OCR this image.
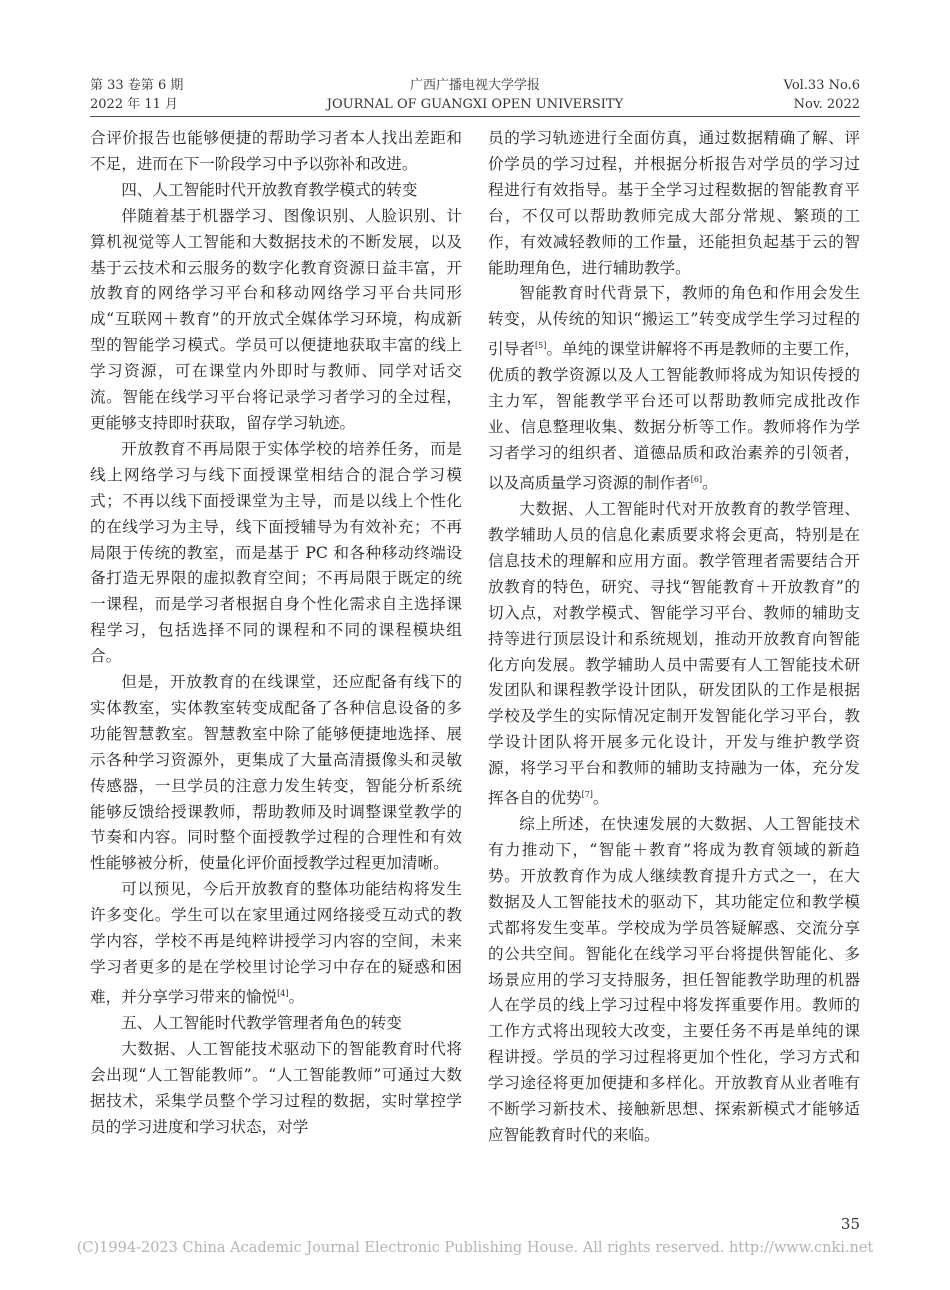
第 33 卷第 6 期
2022 年 11 月
广西广播电视大学学报
JOURNAL OF GUANGXI OPEN UNIVERSITY
Vol.33 No.6
Nov. 2022

合评价报告也能够便捷的帮助学习者本人找出差距和不足，进而在下一阶段学习中予以弥补和改进。

四、人工智能时代开放教育教学模式的转变

伴随着基于机器学习、图像识别、人脸识别、计算机视觉等人工智能和大数据技术的不断发展，以及基于云技术和云服务的数字化教育资源日益丰富，开放教育的网络学习平台和移动网络学习平台共同形成“互联网＋教育”的开放式全媒体学习环境，构成新型的智能学习模式。学员可以便捷地获取丰富的线上学习资源，可在课堂内外即时与教师、同学对话交流。智能在线学习平台将记录学习者学习的全过程，更能够支持即时获取，留存学习轨迹。

开放教育不再局限于实体学校的培养任务，而是线上网络学习与线下面授课堂相结合的混合学习模式；不再以线下面授课堂为主导，而是以线上个性化的在线学习为主导，线下面授辅导为有效补充；不再局限于传统的教室，而是基于 PC 和各种移动终端设备打造无界限的虚拟教育空间；不再局限于既定的统一课程，而是学习者根据自身个性化需求自主选择课程学习，包括选择不同的课程和不同的课程模块组合。

但是，开放教育的在线课堂，还应配备有线下的实体教室，实体教室转变成配备了各种信息设备的多功能智慧教室。智慧教室中除了能够便捷地选择、展示各种学习资源外，更集成了大量高清摄像头和灵敏传感器，一旦学员的注意力发生转变，智能分析系统能够反馈给授课教师，帮助教师及时调整课堂教学的节奏和内容。同时整个面授教学过程的合理性和有效性能够被分析，使量化评价面授教学过程更加清晰。

可以预见，今后开放教育的整体功能结构将发生许多变化。学生可以在家里通过网络接受互动式的教学内容，学校不再是纯粹讲授学习内容的空间，未来学习者更多的是在学校里讨论学习中存在的疑惑和困难，并分享学习带来的愉悦[4]。

五、人工智能时代教学管理者角色的转变

大数据、人工智能技术驱动下的智能教育时代将会出现“人工智能教师”。“人工智能教师”可通过大数据技术，采集学员整个学习过程的数据，实时掌控学员的学习进度和学习状态，对学

员的学习轨迹进行全面仿真，通过数据精确了解、评价学员的学习过程，并根据分析报告对学员的学习过程进行有效指导。基于全学习过程数据的智能教育平台，不仅可以帮助教师完成大部分常规、繁琐的工作，有效减轻教师的工作量，还能担负起基于云的智能助理角色，进行辅助教学。

智能教育时代背景下，教师的角色和作用会发生转变，从传统的知识“搬运工”转变成学生学习过程的引导者[5]。单纯的课堂讲解将不再是教师的主要工作，优质的教学资源以及人工智能教师将成为知识传授的主力军，智能教学平台还可以帮助教师完成批改作业、信息整理收集、数据分析等工作。教师将作为学习者学习的组织者、道德品质和政治素养的引领者，以及高质量学习资源的制作者[6]。

大数据、人工智能时代对开放教育的教学管理、教学辅助人员的信息化素质要求将会更高，特别是在信息技术的理解和应用方面。教学管理者需要结合开放教育的特色，研究、寻找“智能教育＋开放教育”的切入点，对教学模式、智能学习平台、教师的辅助支持等进行顶层设计和系统规划，推动开放教育向智能化方向发展。教学辅助人员中需要有人工智能技术研发团队和课程教学设计团队，研发团队的工作是根据学校及学生的实际情况定制开发智能化学习平台，教学设计团队将开展多元化设计，开发与维护教学资源，将学习平台和教师的辅助支持融为一体，充分发挥各自的优势[7]。

综上所述，在快速发展的大数据、人工智能技术有力推动下，“智能＋教育”将成为教育领域的新趋势。开放教育作为成人继续教育提升方式之一，在大数据及人工智能技术的驱动下，其功能定位和教学模式都将发生变革。学校成为学员答疑解惑、交流分享的公共空间。智能化在线学习平台将提供智能化、多场景应用的学习支持服务，担任智能教学助理的机器人在学员的线上学习过程中将发挥重要作用。教师的工作方式将出现较大改变，主要任务不再是单纯的课程讲授。学员的学习过程将更加个性化，学习方式和学习途径将更加便捷和多样化。开放教育从业者唯有不断学习新技术、接触新思想、探索新模式才能够适应智能教育时代的来临。

35
(C)1994-2023 China Academic Journal Electronic Publishing House. All rights reserved. http://www.cnki.net
